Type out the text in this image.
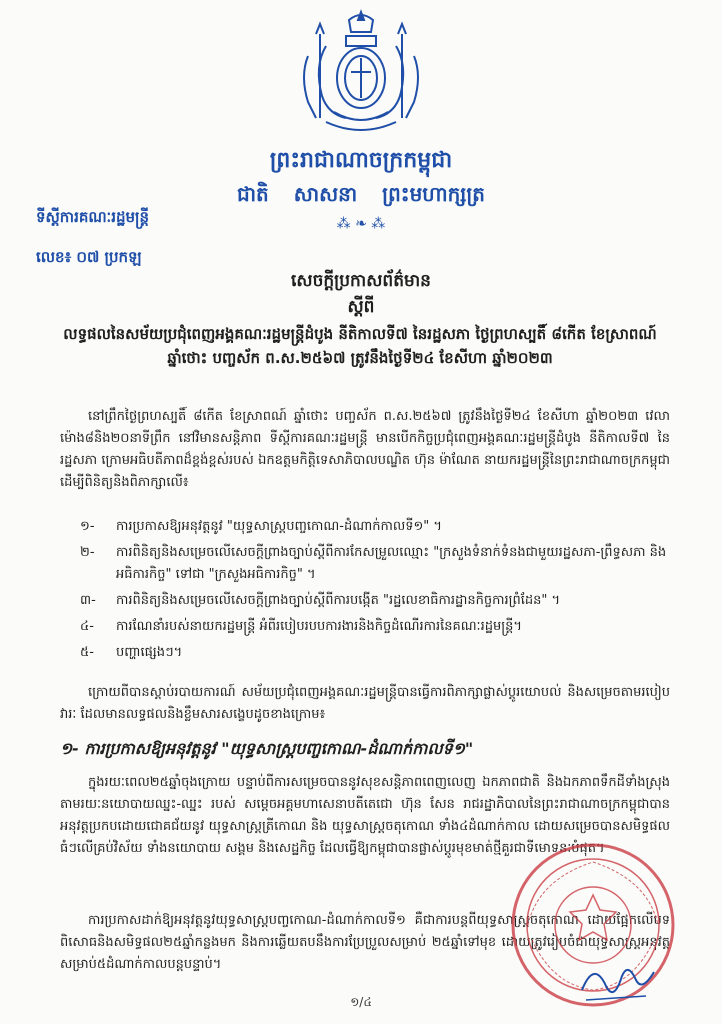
ព្រះរាជាណាចក្រកម្ពុជា
ជាតិ សាសនា ព្រះមហាក្សត្រ
⁂ ❧ ⁂
ទីស្ដីការគណៈរដ្ឋមន្ត្រី
លេខ៖ ០៧ ប្រកឡ
សេចក្ដីប្រកាសព័ត៌មាន
ស្ដីពី
លទ្ធផលនៃសម័យប្រជុំពេញអង្គគណៈរដ្ឋមន្ត្រីដំបូង នីតិកាលទី៧ នៃរដ្ឋសភា ថ្ងៃព្រហស្បតិ៍ ៨កើត ខែស្រាពណ៍ ឆ្នាំថោះ បញ្ចស័ក ព.ស.២៥៦៧ ត្រូវនឹងថ្ងៃទី២៤ ខែសីហា ឆ្នាំ២០២៣
នៅព្រឹកថ្ងៃព្រហស្បតិ៍ ៨កើត ខែស្រាពណ៍ ឆ្នាំថោះ បញ្ចស័ក ព.ស.២៥៦៧ ត្រូវនឹងថ្ងៃទី២៤ ខែសីហា ឆ្នាំ២០២៣ វេលាម៉ោង៨និង២០នាទីព្រឹក នៅវិមានសន្តិភាព ទីស្ដីការគណៈរដ្ឋមន្ត្រី មានបើកកិច្ចប្រជុំពេញអង្គគណៈរដ្ឋមន្ត្រីដំបូង នីតិកាលទី៧ នៃរដ្ឋសភា ក្រោមអធិបតីភាពដ៏ខ្ពង់ខ្ពស់របស់ ឯកឧត្តមកិត្តិទេសាភិបាលបណ្ឌិត ហ៊ុន ម៉ាណែត នាយករដ្ឋមន្ត្រីនៃព្រះរាជាណាចក្រកម្ពុជា ដើម្បីពិនិត្យនិងពិភាក្សាលើ៖
១-	ការប្រកាសឱ្យអនុវត្តនូវ "យុទ្ធសាស្ត្របញ្ចកោណ-ដំណាក់កាលទី១" ។
២-	ការពិនិត្យនិងសម្រេចលើសេចក្ដីព្រាងច្បាប់ស្ដីពីការកែសម្រួលឈ្មោះ "ក្រសួងទំនាក់ទំនងជាមួយរដ្ឋសភា-ព្រឹទ្ធសភា និងអធិការកិច្ច" ទៅជា "ក្រសួងអធិការកិច្ច" ។
៣-	ការពិនិត្យនិងសម្រេចលើសេចក្ដីព្រាងច្បាប់ស្ដីពីការបង្កើត "រដ្ឋលេខាធិការដ្ឋានកិច្ចការព្រំដែន" ។
៤-	ការណែនាំរបស់នាយករដ្ឋមន្ត្រី អំពីរបៀបរបបការងារនិងកិច្ចដំណើរការនៃគណៈរដ្ឋមន្ត្រី។
៥-	បញ្ហាផ្សេងៗ។
ក្រោយពីបានស្ដាប់របាយការណ៍ សម័យប្រជុំពេញអង្គគណៈរដ្ឋមន្ត្រីបានធ្វើការពិភាក្សាផ្លាស់ប្ដូរយោបល់ និងសម្រេចតាមរបៀបវារៈ ដែលមានលទ្ធផលនិងខ្លឹមសារសង្ខេបដូចខាងក្រោម៖
១- ការប្រកាសឱ្យអនុវត្តនូវ "យុទ្ធសាស្ត្របញ្ចកោណ-ដំណាក់កាលទី១"
ក្នុងរយៈពេល២៥ឆ្នាំចុងក្រោយ បន្ទាប់ពីការសម្រេចបាននូវសុខសន្តិភាពពេញលេញ ឯកភាពជាតិ និងឯកភាពទឹកដីទាំងស្រុង តាមរយៈនយោបាយឈ្នះ-ឈ្នះ របស់ សម្ដេចអគ្គមហាសេនាបតីតេជោ ហ៊ុន សែន រាជរដ្ឋាភិបាលនៃព្រះរាជាណាចក្រកម្ពុជាបានអនុវត្តប្រកបដោយជោគជ័យនូវ យុទ្ធសាស្ត្រត្រីកោណ និង យុទ្ធសាស្ត្រចតុកោណ ទាំង៤ដំណាក់កាល ដោយសម្រេចបានសមិទ្ធផលធំៗលើគ្រប់វិស័យ ទាំងនយោបាយ សង្គម និងសេដ្ឋកិច្ច ដែលធ្វើឱ្យកម្ពុជាបានផ្លាស់ប្ដូរមុខមាត់ថ្មីគួរជាទីមោទនៈបំផុត។
ការប្រកាសដាក់ឱ្យអនុវត្តនូវយុទ្ធសាស្ត្របញ្ចកោណ-ដំណាក់កាលទី១ គឺជាការបន្តពីយុទ្ធសាស្ត្រចតុកោណ ដោយផ្អែកលើបទពិសោធនិងសមិទ្ធផល២៥ឆ្នាំកន្លងមក និងការឆ្លើយតបនឹងការប្រែប្រួលសម្រាប់ ២៥ឆ្នាំទៅមុខ ដោយត្រូវរៀបចំជាយុទ្ធសាស្ត្រអនុវត្តសម្រាប់៥ដំណាក់កាលបន្តបន្ទាប់។
១/៤
